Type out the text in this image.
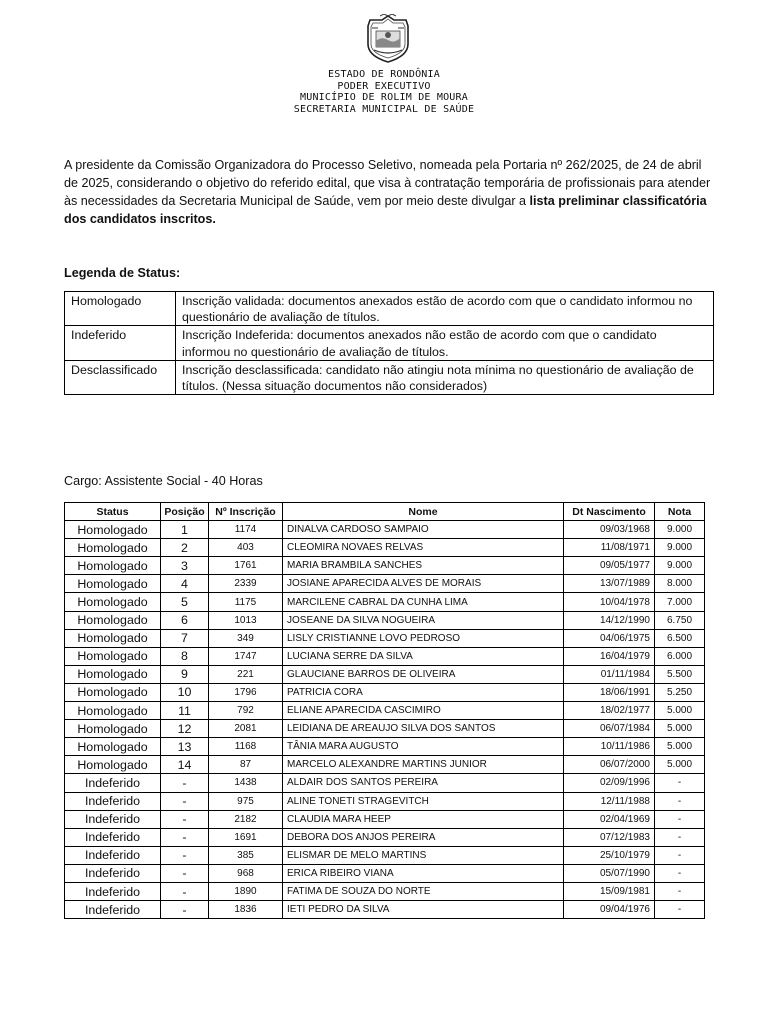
ESTADO DE RONDÔNIA
PODER EXECUTIVO
MUNICÍPIO DE ROLIM DE MOURA
SECRETARIA MUNICIPAL DE SAÚDE
A presidente da Comissão Organizadora do Processo Seletivo, nomeada pela Portaria nº 262/2025, de 24 de abril de 2025, considerando o objetivo do referido edital, que visa à contratação temporária de profissionais para atender às necessidades da Secretaria Municipal de Saúde, vem por meio deste divulgar a lista preliminar classificatória dos candidatos inscritos.
Legenda de Status:
Homologado	Inscrição validada: documentos anexados estão de acordo com que o candidato informou no questionário de avaliação de títulos.
Indeferido	Inscrição Indeferida: documentos anexados não estão de acordo com que o candidato informou no questionário de avaliação de títulos.
Desclassificado	Inscrição desclassificada: candidato não atingiu nota mínima no questionário de avaliação de títulos. (Nessa situação documentos não considerados)
Cargo: Assistente Social - 40 Horas
Status	Posição	Nº Inscrição	Nome	Dt Nascimento	Nota
Homologado	1	1174	DINALVA CARDOSO SAMPAIO	09/03/1968	9.000
Homologado	2	403	CLEOMIRA NOVAES RELVAS	11/08/1971	9.000
Homologado	3	1761	MARIA BRAMBILA SANCHES	09/05/1977	9.000
Homologado	4	2339	JOSIANE APARECIDA ALVES DE MORAIS	13/07/1989	8.000
Homologado	5	1175	MARCILENE CABRAL DA CUNHA LIMA	10/04/1978	7.000
Homologado	6	1013	JOSEANE DA SILVA NOGUEIRA	14/12/1990	6.750
Homologado	7	349	LISLY CRISTIANNE LOVO PEDROSO	04/06/1975	6.500
Homologado	8	1747	LUCIANA SERRE DA SILVA	16/04/1979	6.000
Homologado	9	221	GLAUCIANE BARROS DE OLIVEIRA	01/11/1984	5.500
Homologado	10	1796	PATRICIA CORA	18/06/1991	5.250
Homologado	11	792	ELIANE APARECIDA CASCIMIRO	18/02/1977	5.000
Homologado	12	2081	LEIDIANA DE AREAUJO SILVA DOS SANTOS	06/07/1984	5.000
Homologado	13	1168	TÂNIA MARA AUGUSTO	10/11/1986	5.000
Homologado	14	87	MARCELO ALEXANDRE MARTINS JUNIOR	06/07/2000	5.000
Indeferido	-	1438	ALDAIR DOS SANTOS PEREIRA	02/09/1996	-
Indeferido	-	975	ALINE TONETI STRAGEVITCH	12/11/1988	-
Indeferido	-	2182	CLAUDIA MARA HEEP	02/04/1969	-
Indeferido	-	1691	DEBORA DOS ANJOS PEREIRA	07/12/1983	-
Indeferido	-	385	ELISMAR DE MELO MARTINS	25/10/1979	-
Indeferido	-	968	ERICA RIBEIRO VIANA	05/07/1990	-
Indeferido	-	1890	FATIMA DE SOUZA DO NORTE	15/09/1981	-
Indeferido	-	1836	IETI PEDRO DA SILVA	09/04/1976	-
